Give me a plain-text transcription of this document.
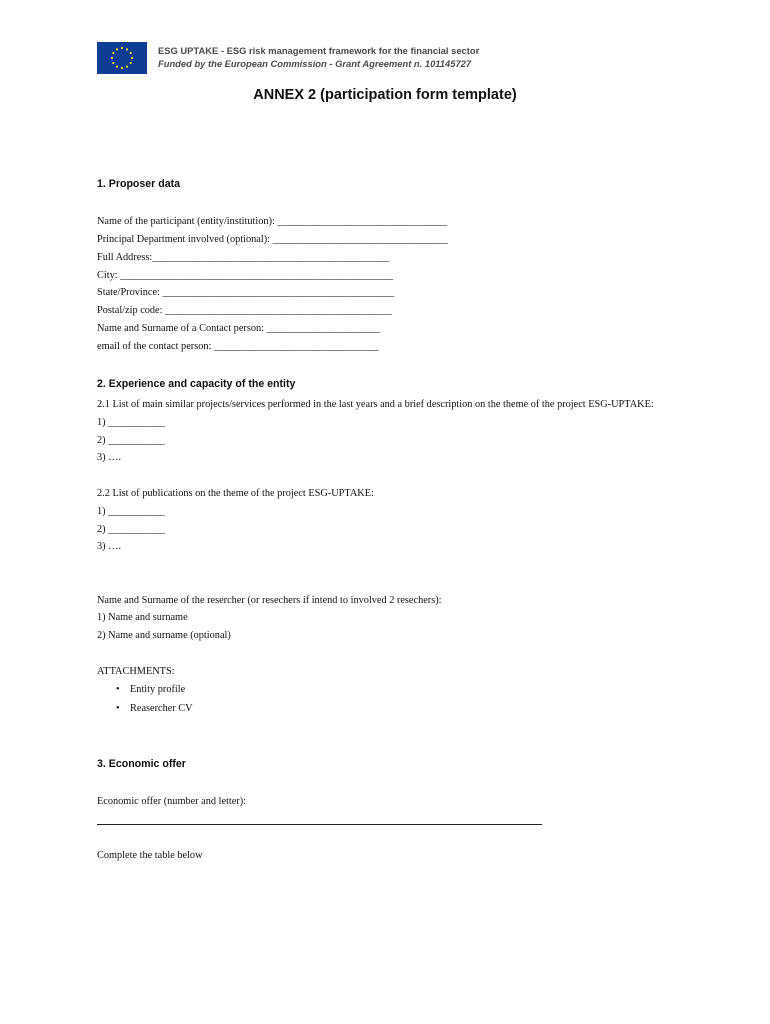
ESG UPTAKE - ESG risk management framework for the financial sector
Funded by the European Commission - Grant Agreement n. 101145727
ANNEX 2 (participation form template)
1. Proposer data
Name of the participant (entity/institution): _________________________________
Principal Department involved (optional): __________________________________
Full Address:______________________________________________
City: _____________________________________________________
State/Province: _____________________________________________
Postal/zip code: ____________________________________________
Name and Surname of a Contact person: ______________________
email of the contact person: ________________________________
2. Experience and capacity of the entity
2.1 List of main similar projects/services performed in the last years and a brief description on the theme of the project ESG-UPTAKE:
1) ___________
2) ___________
3) ….
2.2 List of publications on the theme of the project ESG-UPTAKE:
1) ___________
2) ___________
3) ….
Name and Surname of the resercher (or resechers if intend to involved 2 resechers):
1) Name and surname
2) Name and surname (optional)
ATTACHMENTS:
• Entity profile
• Reasercher CV
3. Economic offer
Economic offer (number and letter):
Complete the table below
